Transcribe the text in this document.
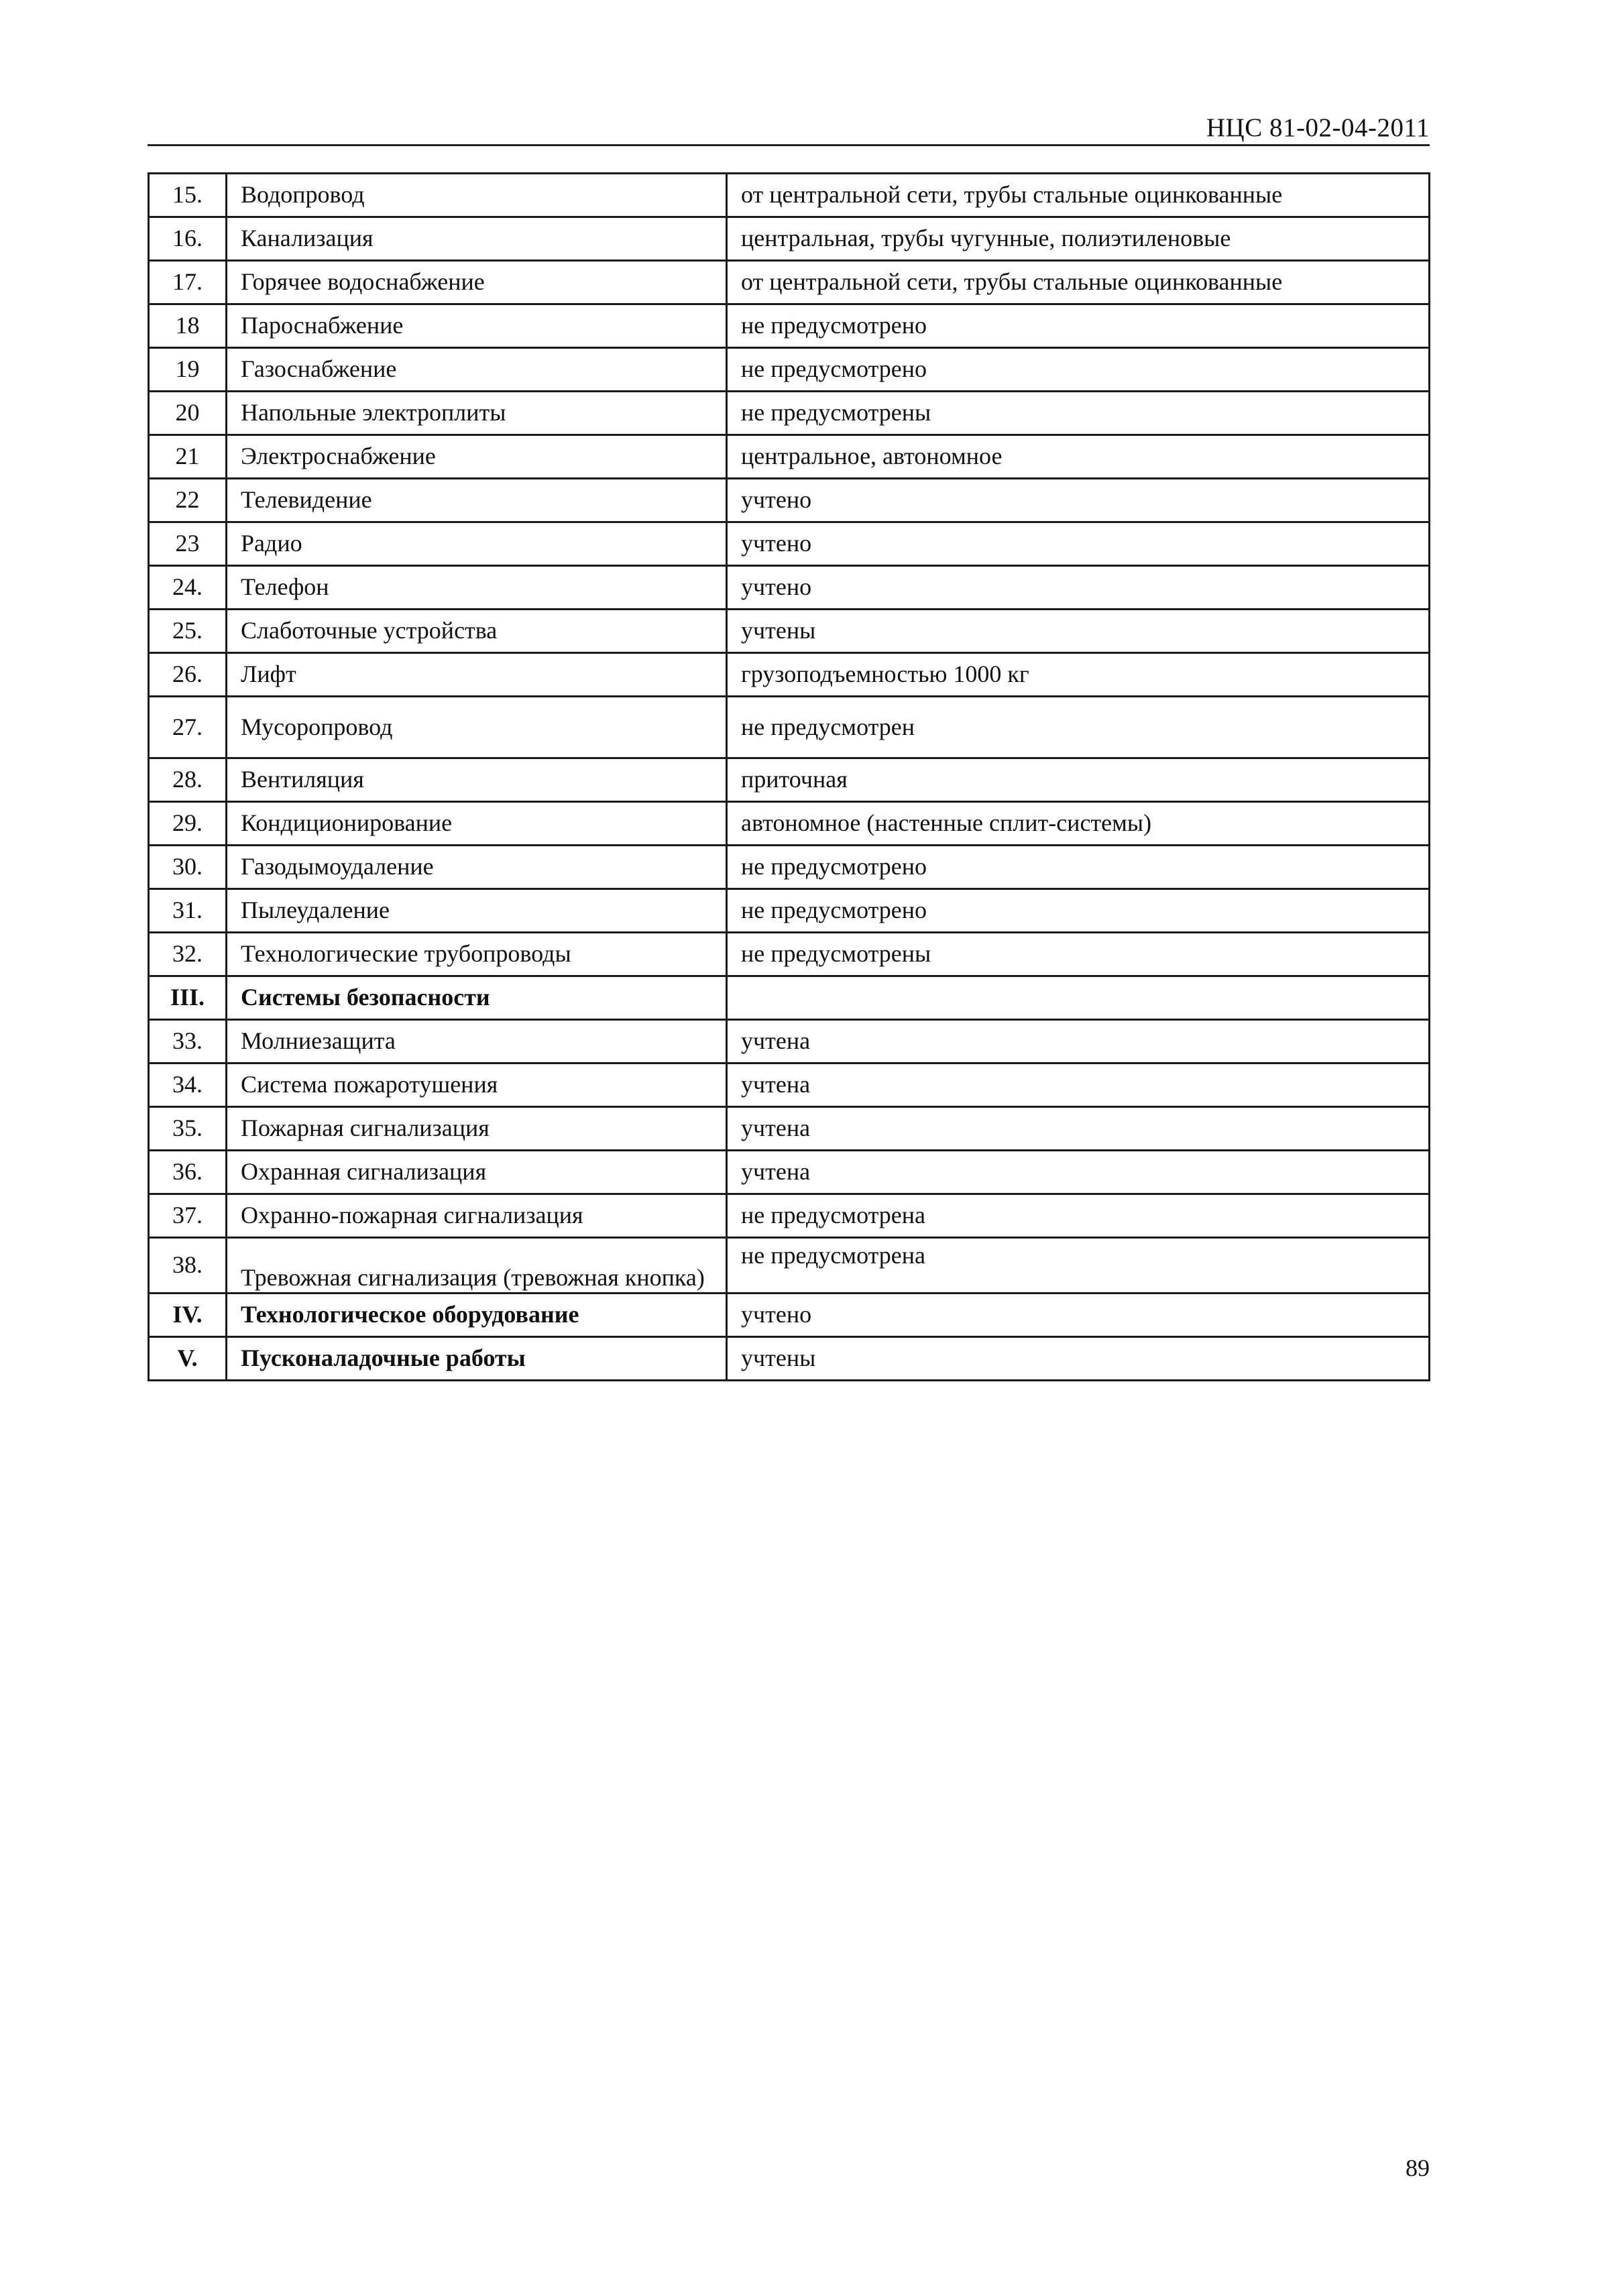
НЦС 81-02-04-2011
15.	Водопровод	от центральной сети, трубы стальные оцинкованные
16.	Канализация	центральная, трубы чугунные, полиэтиленовые
17.	Горячее водоснабжение	от центральной сети, трубы стальные оцинкованные
18	Пароснабжение	не предусмотрено
19	Газоснабжение	не предусмотрено
20	Напольные электроплиты	не предусмотрены
21	Электроснабжение	центральное, автономное
22	Телевидение	учтено
23	Радио	учтено
24.	Телефон	учтено
25.	Слаботочные устройства	учтены
26.	Лифт	грузоподъемностью 1000 кг
27.	Мусоропровод	не предусмотрен
28.	Вентиляция	приточная
29.	Кондиционирование	автономное (настенные сплит-системы)
30.	Газодымоудаление	не предусмотрено
31.	Пылеудаление	не предусмотрено
32.	Технологические трубопроводы	не предусмотрены
III.	Системы безопасности	
33.	Молниезащита	учтена
34.	Система пожаротушения	учтена
35.	Пожарная сигнализация	учтена
36.	Охранная сигнализация	учтена
37.	Охранно-пожарная сигнализация	не предусмотрена
38.	Тревожная сигнализация (тревожная кнопка)	не предусмотрена
IV.	Технологическое оборудование	учтено
V.	Пусконаладочные работы	учтены
89
